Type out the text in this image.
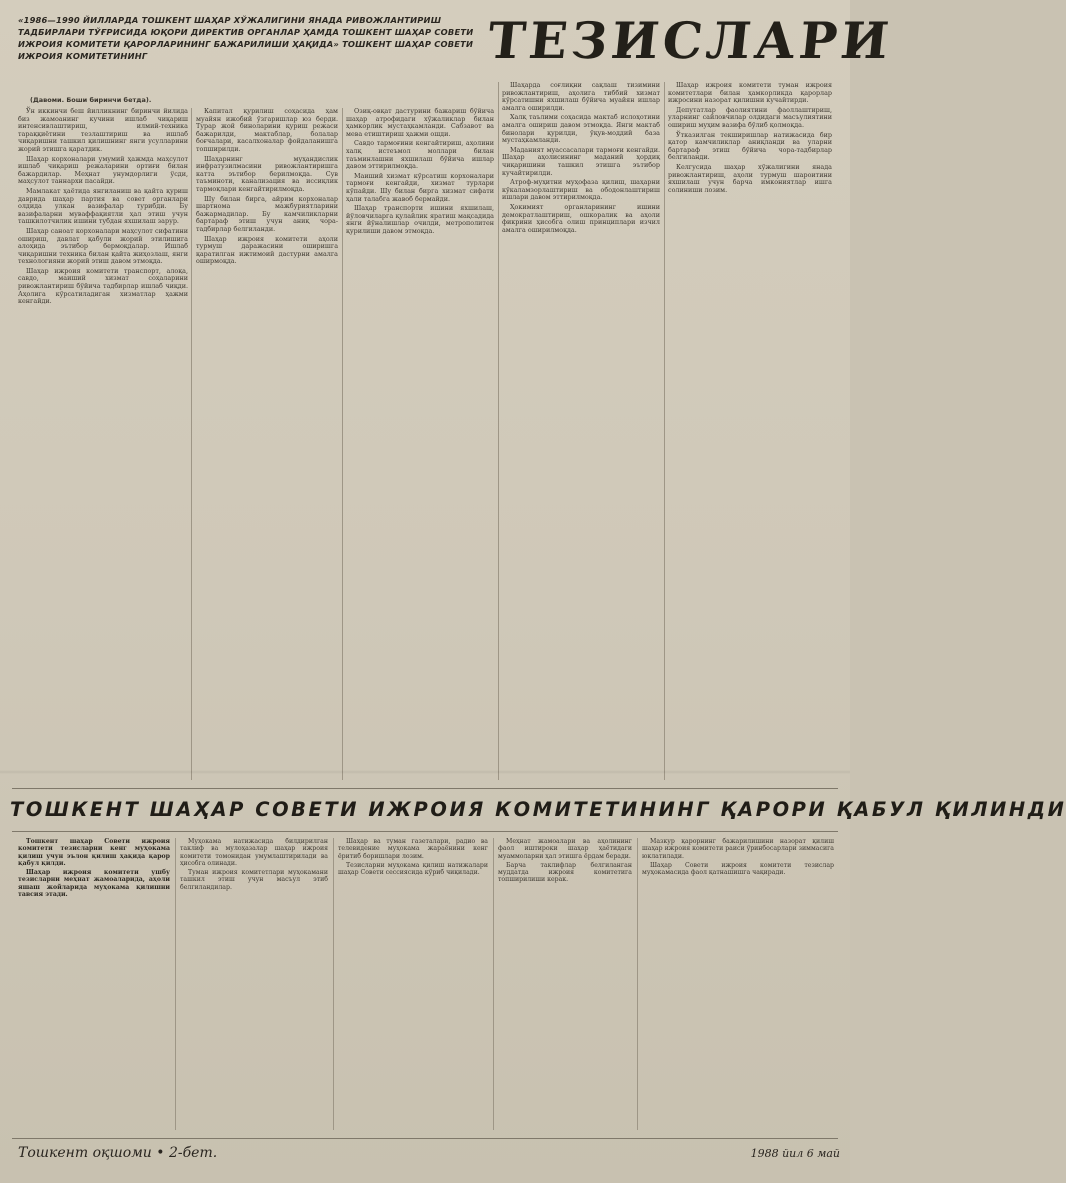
«1986—1990 ЙИЛЛАРДА ТОШКЕНТ ШАҲАР ХЎЖАЛИГИНИ ЯНАДА РИВОЖЛАНТИРИШ ТАДБИРЛАРИ ТЎҒРИСИДА ЮҚОРИ ДИРЕКТИВ ОРГАНЛАР ҲАМДА ТОШКЕНТ ШАҲАР СОВЕТИ ИЖРОИЯ КОМИТЕТИ ҚАРОРЛАРИНИНГ БАЖАРИЛИШИ ҲАҚИДА» ТОШКЕНТ ШАҲАР СОВЕТИ ИЖРОИЯ КОМИТЕТИНИНГ	ТЕЗИСЛАРИ
(Давоми. Боши биринчи бетда).

Ўн иккинчи беш йилликнинг биринчи йилида биз жамоанинг кучини ишлаб чиқариш интенсивлаштириш, илмий-техника тараққиётини тезлаштириш ва ишлаб чиқаришни ташкил қилишнинг янги усулларини жорий этишга қаратдик.

Шаҳар корхоналари умумий ҳажмда маҳсулот ишлаб чиқариш режаларини ортиғи билан бажардилар. Меҳнат унумдорлиги ўсди, маҳсулот таннархи пасайди.

Мамлакат ҳаётида янгиланиш ва қайта қуриш даврида шаҳар партия ва совет органлари олдида улкан вазифалар турибди. Бу вазифаларни муваффақиятли ҳал этиш учун ташкилотчилик ишини тубдан яхшилаш зарур.

Шаҳар саноат корхоналари маҳсулот сифатини ошириш, давлат қабули жорий этилишига алоҳида эътибор бермоқдалар. Ишлаб чиқаришни техника билан қайта жиҳозлаш, янги технологияни жорий этиш давом этмоқда.

Шаҳар ижроия комитети транспорт, алоқа, савдо, маиший хизмат соҳаларини ривожлантириш бўйича тадбирлар ишлаб чиқди. Аҳолига кўрсатиладиган хизматлар ҳажми кенгайди.

Капитал қурилиш соҳасида ҳам муайян ижобий ўзгаришлар юз берди. Турар жой биноларини қуриш режаси бажарилди, мактаблар, болалар боғчалари, касалхоналар фойдаланишга топширилди.

Шаҳарнинг муҳандислик инфратузилмасини ривожлантиришга катта эътибор берилмоқда. Сув таъминоти, канализация ва иссиқлик тармоқлари кенгайтирилмоқда.

Шу билан бирга, айрим корхоналар шартнома мажбуриятларини бажармадилар. Бу камчиликларни бартараф этиш учун аниқ чора-тадбирлар белгиланди.

Шаҳар ижроия комитети аҳоли турмуш даражасини оширишга қаратилган ижтимоий дастурни амалга оширмоқда.

Озиқ-овқат дастурини бажариш бўйича шаҳар атрофидаги хўжаликлар билан ҳамкорлик мустаҳкамланди. Сабзавот ва мева етиштириш ҳажми ошди.

Савдо тармоғини кенгайтириш, аҳолини халқ истеъмол моллари билан таъминлашни яхшилаш бўйича ишлар давом эттирилмоқда.

Маиший хизмат кўрсатиш корхоналари тармоғи кенгайди, хизмат турлари кўпайди. Шу билан бирга хизмат сифати ҳали талабга жавоб бермайди.

Шаҳар транспорти ишини яхшилаш, йўловчиларга қулайлик яратиш мақсадида янги йўналишлар очилди, метрополитен қурилиши давом этмоқда.

Шаҳарда соғлиқни сақлаш тизимини ривожлантириш, аҳолига тиббий хизмат кўрсатишни яхшилаш бўйича муайян ишлар амалга оширилди.

Халқ таълими соҳасида мактаб ислоҳотини амалга ошириш давом этмоқда. Янги мактаб бинолари қурилди, ўқув-моддий база мустаҳкамланди.

Маданият муассасалари тармоғи кенгайди. Шаҳар аҳолисининг маданий ҳордиқ чиқаришини ташкил этишга эътибор кучайтирилди.

Атроф-муҳитни муҳофаза қилиш, шаҳарни кўкаламзорлаштириш ва ободонлаштириш ишлари давом эттирилмоқда.

Ҳокимият органларининг ишини демократлаштириш, ошкоралик ва аҳоли фикрини ҳисобга олиш принциплари изчил амалга оширилмоқда.

Шаҳар ижроия комитети туман ижроия комитетлари билан ҳамкорликда қарорлар ижросини назорат қилишни кучайтирди.

Депутатлар фаолиятини фаоллаштириш, уларнинг сайловчилар олдидаги масъулиятини ошириш муҳим вазифа бўлиб қолмоқда.

Ўтказилган текширишлар натижасида бир қатор камчиликлар аниқланди ва уларни бартараф этиш бўйича чора-тадбирлар белгиланди.

Келгусида шаҳар хўжалигини янада ривожлантириш, аҳоли турмуш шароитини яхшилаш учун барча имкониятлар ишга солиниши лозим.

ТОШКЕНТ ШАҲАР СОВЕТИ ИЖРОИЯ КОМИТЕТИНИНГ ҚАРОРИ ҚАБУЛ ҚИЛИНДИ

Тошкент шаҳар Совети ижроия комитети тезисларни кенг муҳокама қилиш учун эълон қилиш ҳақида қарор қабул қилди.

Шаҳар ижроия комитети ушбу тезисларни меҳнат жамоаларида, аҳоли яшаш жойларида муҳокама қилишни тавсия этади.

Муҳокама натижасида билдирилган таклиф ва мулоҳазалар шаҳар ижроия комитети томонидан умумлаштирилади ва ҳисобга олинади.

Туман ижроия комитетлари муҳокамани ташкил этиш учун масъул этиб белгиландилар.

Шаҳар ва туман газеталари, радио ва телевидение муҳокама жараёнини кенг ёритиб боришлари лозим.

Тезисларни муҳокама қилиш натижалари шаҳар Совети сессиясида кўриб чиқилади.

Меҳнат жамоалари ва аҳолининг фаол иштироки шаҳар ҳаётидаги муаммоларни ҳал этишга ёрдам беради.

Барча таклифлар белгиланган муддатда ижроия комитетига топширилиши керак.

Мазкур қарорнинг бажарилишини назорат қилиш шаҳар ижроия комитети раиси ўринбосарлари зиммасига юклатилади.

Шаҳар Совети ижроия комитети тезислар муҳокамасида фаол қатнашишга чақиради.

Тошкент оқшоми • 2-бет.	1988 йил 6 май
